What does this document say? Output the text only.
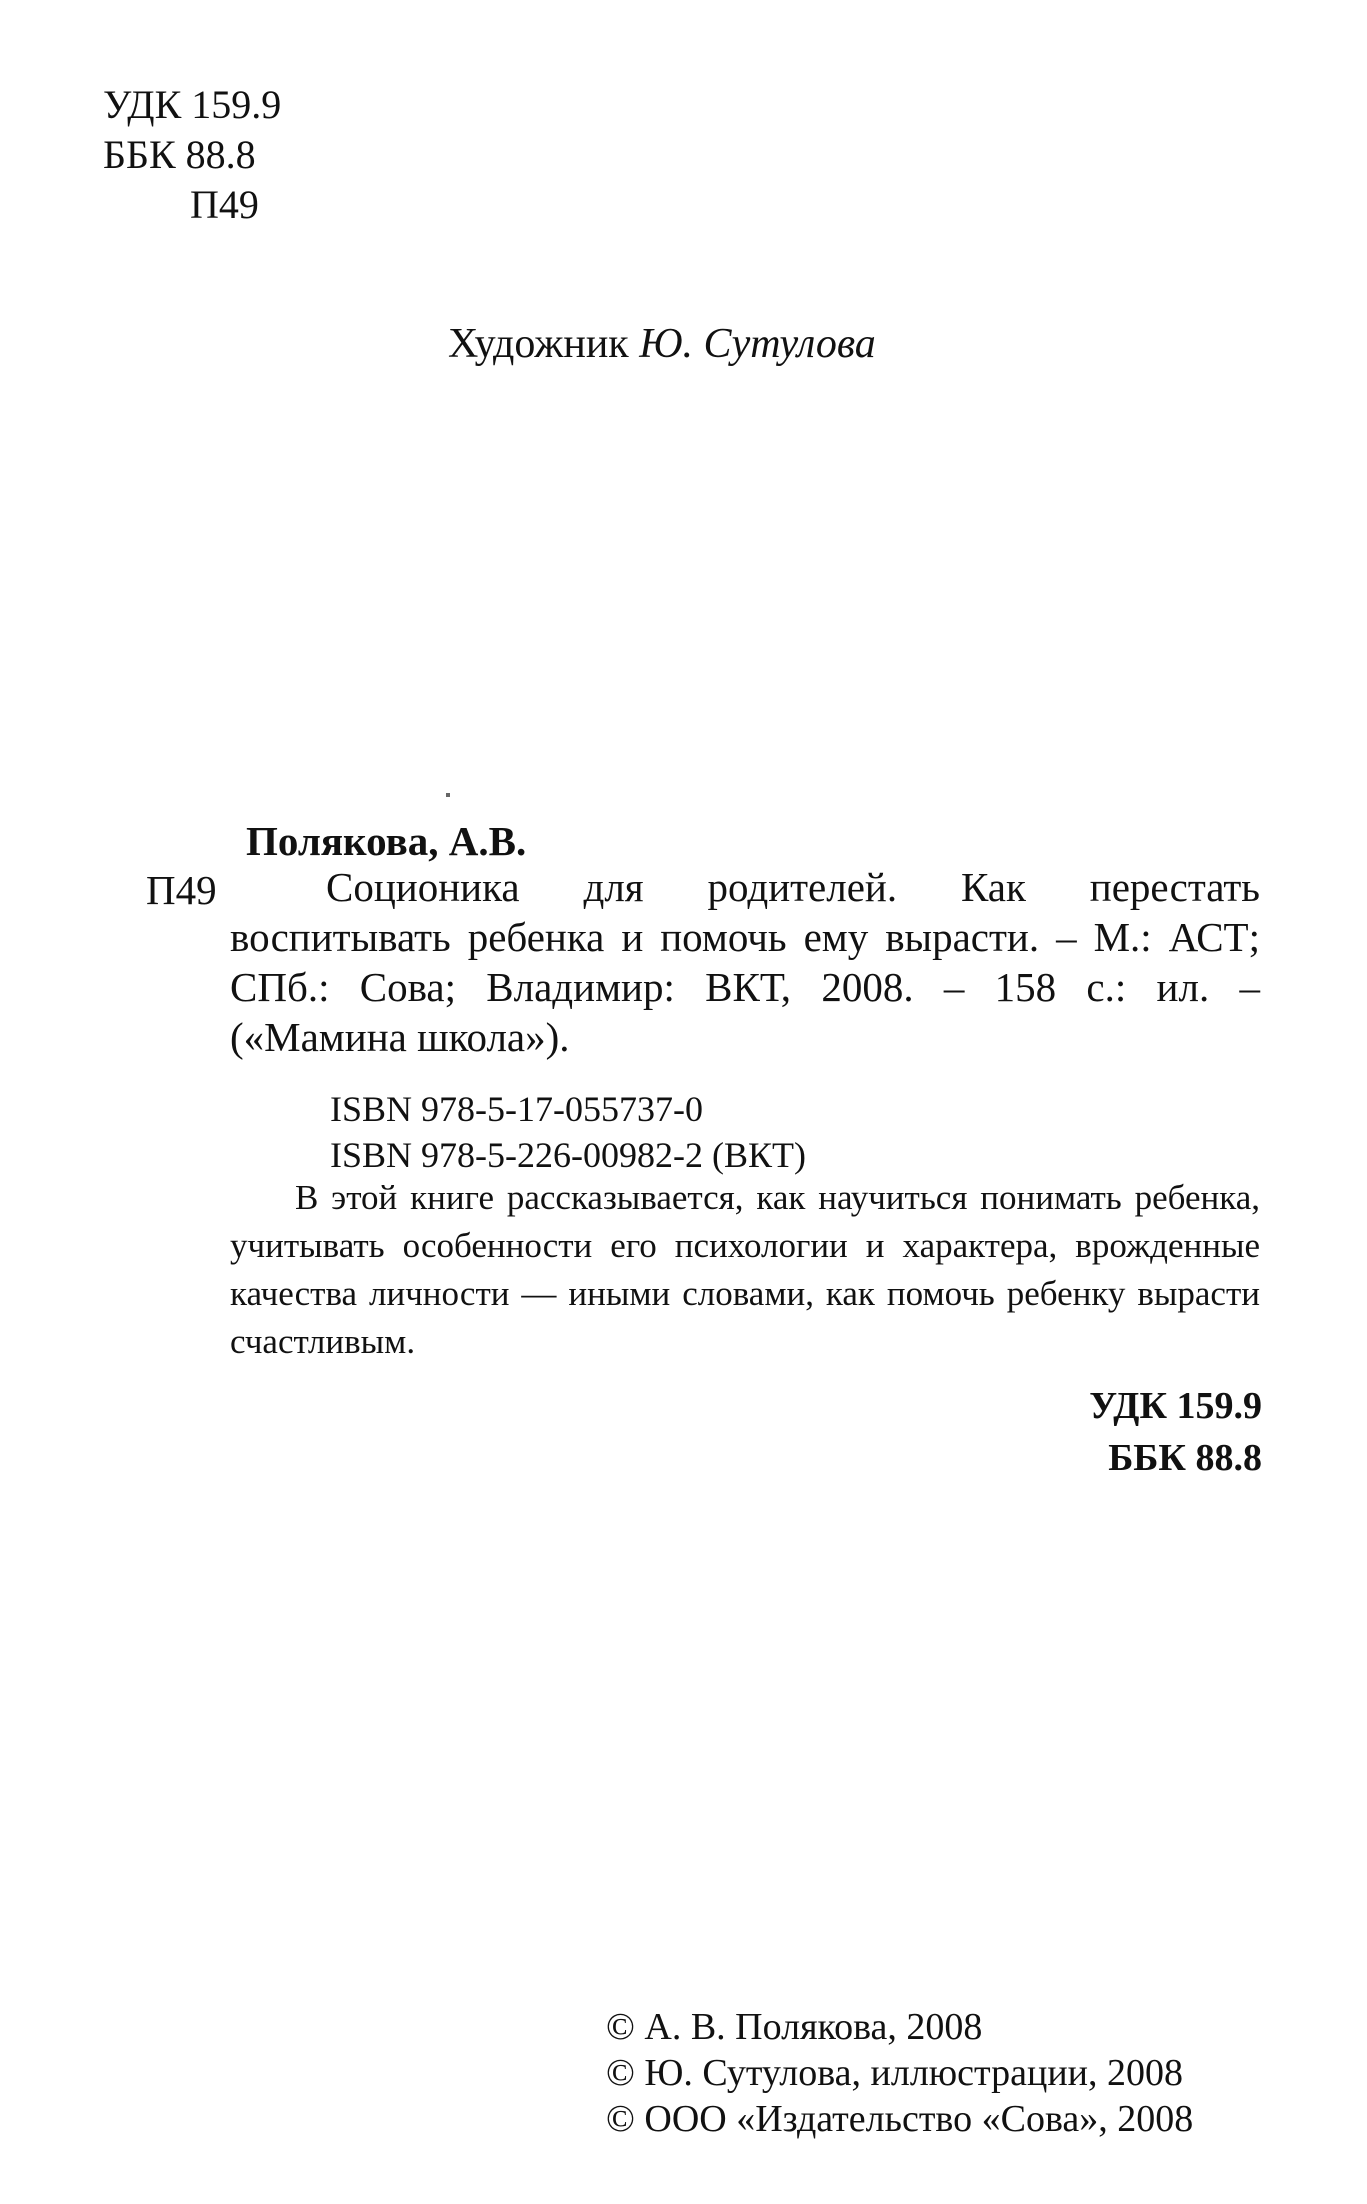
УДК 159.9
ББК 88.8
П49
Художник Ю. Сутулова
Полякова, А.В.
П49	Соционика для родителей. Как перестать воспитывать ребенка и помочь ему вырасти. – М.: АСТ; СПб.: Сова; Владимир: ВКТ, 2008. – 158 с.: ил. – («Мамина школа»).
ISBN 978-5-17-055737-0
ISBN 978-5-226-00982-2 (ВКТ)
В этой книге рассказывается, как научиться понимать ребенка, учитывать особенности его психологии и характера, врожденные качества личности — иными словами, как помочь ребенку вырасти счастливым.
УДК 159.9
ББК 88.8
© А. В. Полякова, 2008
© Ю. Сутулова, иллюстрации, 2008
© ООО «Издательство «Сова», 2008
